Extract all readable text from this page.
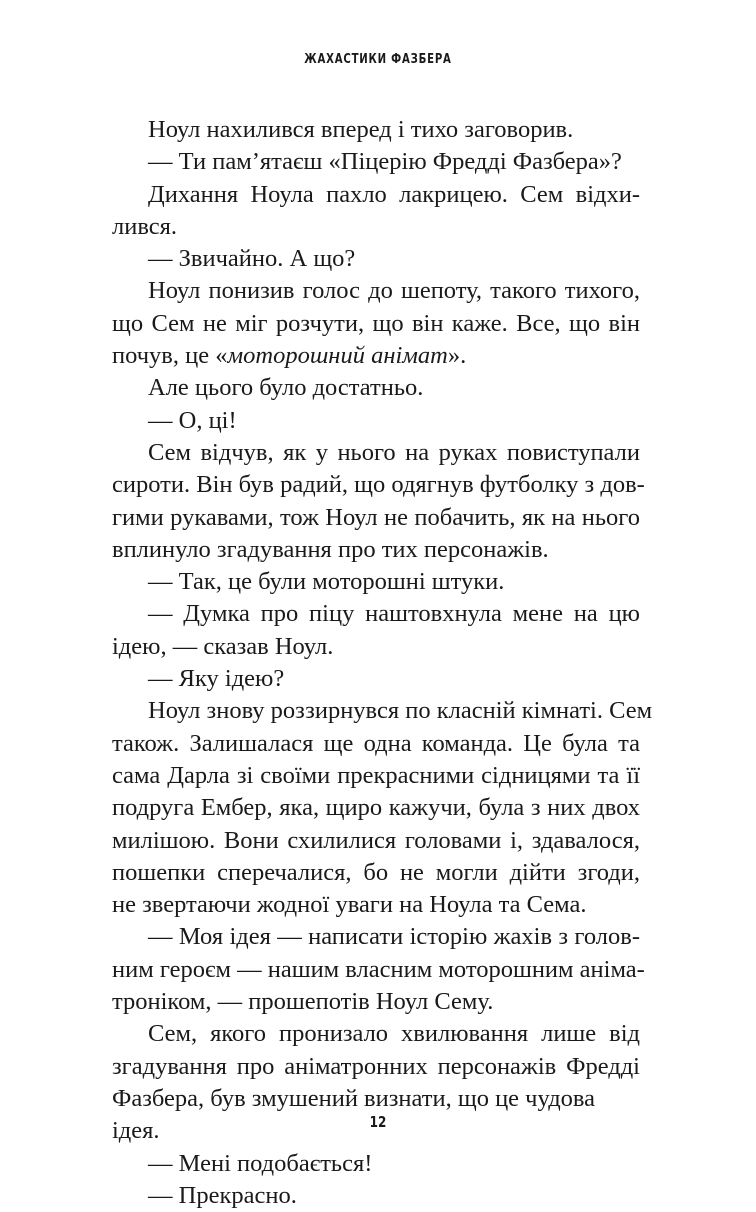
ЖАХАСТИКИ ФАЗБЕРА
Ноул нахилився вперед і тихо заговорив.
— Ти пам’ятаєш «Піцерію Фредді Фазбера»?
Дихання Ноула пахло лакрицею. Сем відхи-
лився.
— Звичайно. А що?
Ноул понизив голос до шепоту, такого тихого,
що Сем не міг розчути, що він каже. Все, що він
почув, це «моторошний анімат».
Але цього було достатньо.
— О, ці!
Сем відчув, як у нього на руках повиступали
сироти. Він був радий, що одягнув футболку з дов-
гими рукавами, тож Ноул не побачить, як на нього
вплинуло згадування про тих персонажів.
— Так, це були моторошні штуки.
— Думка про піцу наштовхнула мене на цю
ідею, — сказав Ноул.
— Яку ідею?
Ноул знову роззирнувся по класній кімнаті. Сем
також. Залишалася ще одна команда. Це була та
сама Дарла зі своїми прекрасними сідницями та її
подруга Ембер, яка, щиро кажучи, була з них двох
милішою. Вони схилилися головами і, здавалося,
пошепки сперечалися, бо не могли дійти згоди,
не звертаючи жодної уваги на Ноула та Сема.
— Моя ідея — написати історію жахів з голов-
ним героєм — нашим власним моторошним аніма-
троніком, — прошепотів Ноул Сему.
Сем, якого пронизало хвилювання лише від
згадування про аніматронних персонажів Фредді
Фазбера, був змушений визнати, що це чудова ідея.
— Мені подобається!
— Прекрасно.
12
